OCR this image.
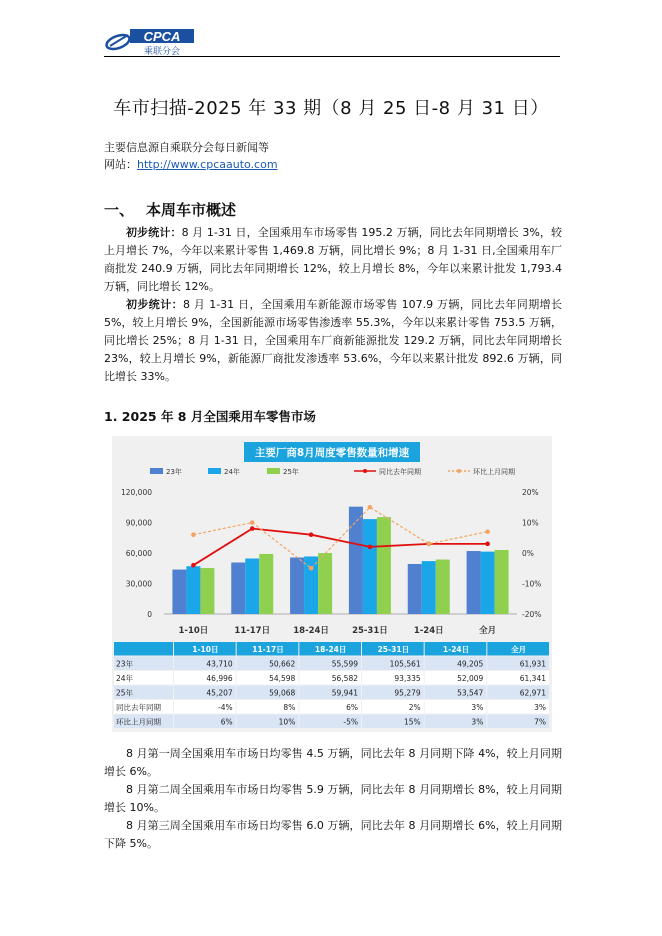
CPCA
乘联分会
车市扫描-2025 年 33 期（8 月 25 日-8 月 31 日）
主要信息源自乘联分会每日新闻等
网站：http://www.cpcaauto.com
一、 本周车市概述

初步统计：8 月 1-31 日，全国乘用车市场零售 195.2 万辆，同比去年同期增长 3%，较上月增长 7%，今年以来累计零售 1,469.8 万辆，同比增长 9%；8 月 1-31 日,全国乘用车厂商批发 240.9 万辆，同比去年同期增长 12%，较上月增长 8%，今年以来累计批发 1,793.4 万辆，同比增长 12%。

初步统计：8 月 1-31 日，全国乘用车新能源市场零售 107.9 万辆，同比去年同期增长 5%，较上月增长 9%，全国新能源市场零售渗透率 55.3%，今年以来累计零售 753.5 万辆，同比增长 25%；8 月 1-31 日，全国乘用车厂商新能源批发 129.2 万辆，同比去年同期增长 23%，较上月增长 9%，新能源厂商批发渗透率 53.6%，今年以来累计批发 892.6 万辆，同比增长 33%。

1. 2025 年 8 月全国乘用车零售市场
主要厂商8月周度零售数量和增速
23年	24年	25年	同比去年同期	环比上月同期
120,000
90,000
60,000
30,000
0
20%
10%
0%
-10%
-20%
1-10日	11-17日	18-24日	25-31日	1-24日	全月
1-10日	11-17日	18-24日	25-31日	1-24日	全月
23年	43,710	50,662	55,599	105,561	49,205	61,931
24年	46,996	54,598	56,582	93,335	52,009	61,341
25年	45,207	59,068	59,941	95,279	53,547	62,971
同比去年同期	-4%	8%	6%	2%	3%	3%
环比上月同期	6%	10%	-5%	15%	3%	7%

8 月第一周全国乘用车市场日均零售 4.5 万辆，同比去年 8 月同期下降 4%，较上月同期增长 6%。

8 月第二周全国乘用车市场日均零售 5.9 万辆，同比去年 8 月同期增长 8%，较上月同期增长 10%。

8 月第三周全国乘用车市场日均零售 6.0 万辆，同比去年 8 月同期增长 6%，较上月同期下降 5%。
